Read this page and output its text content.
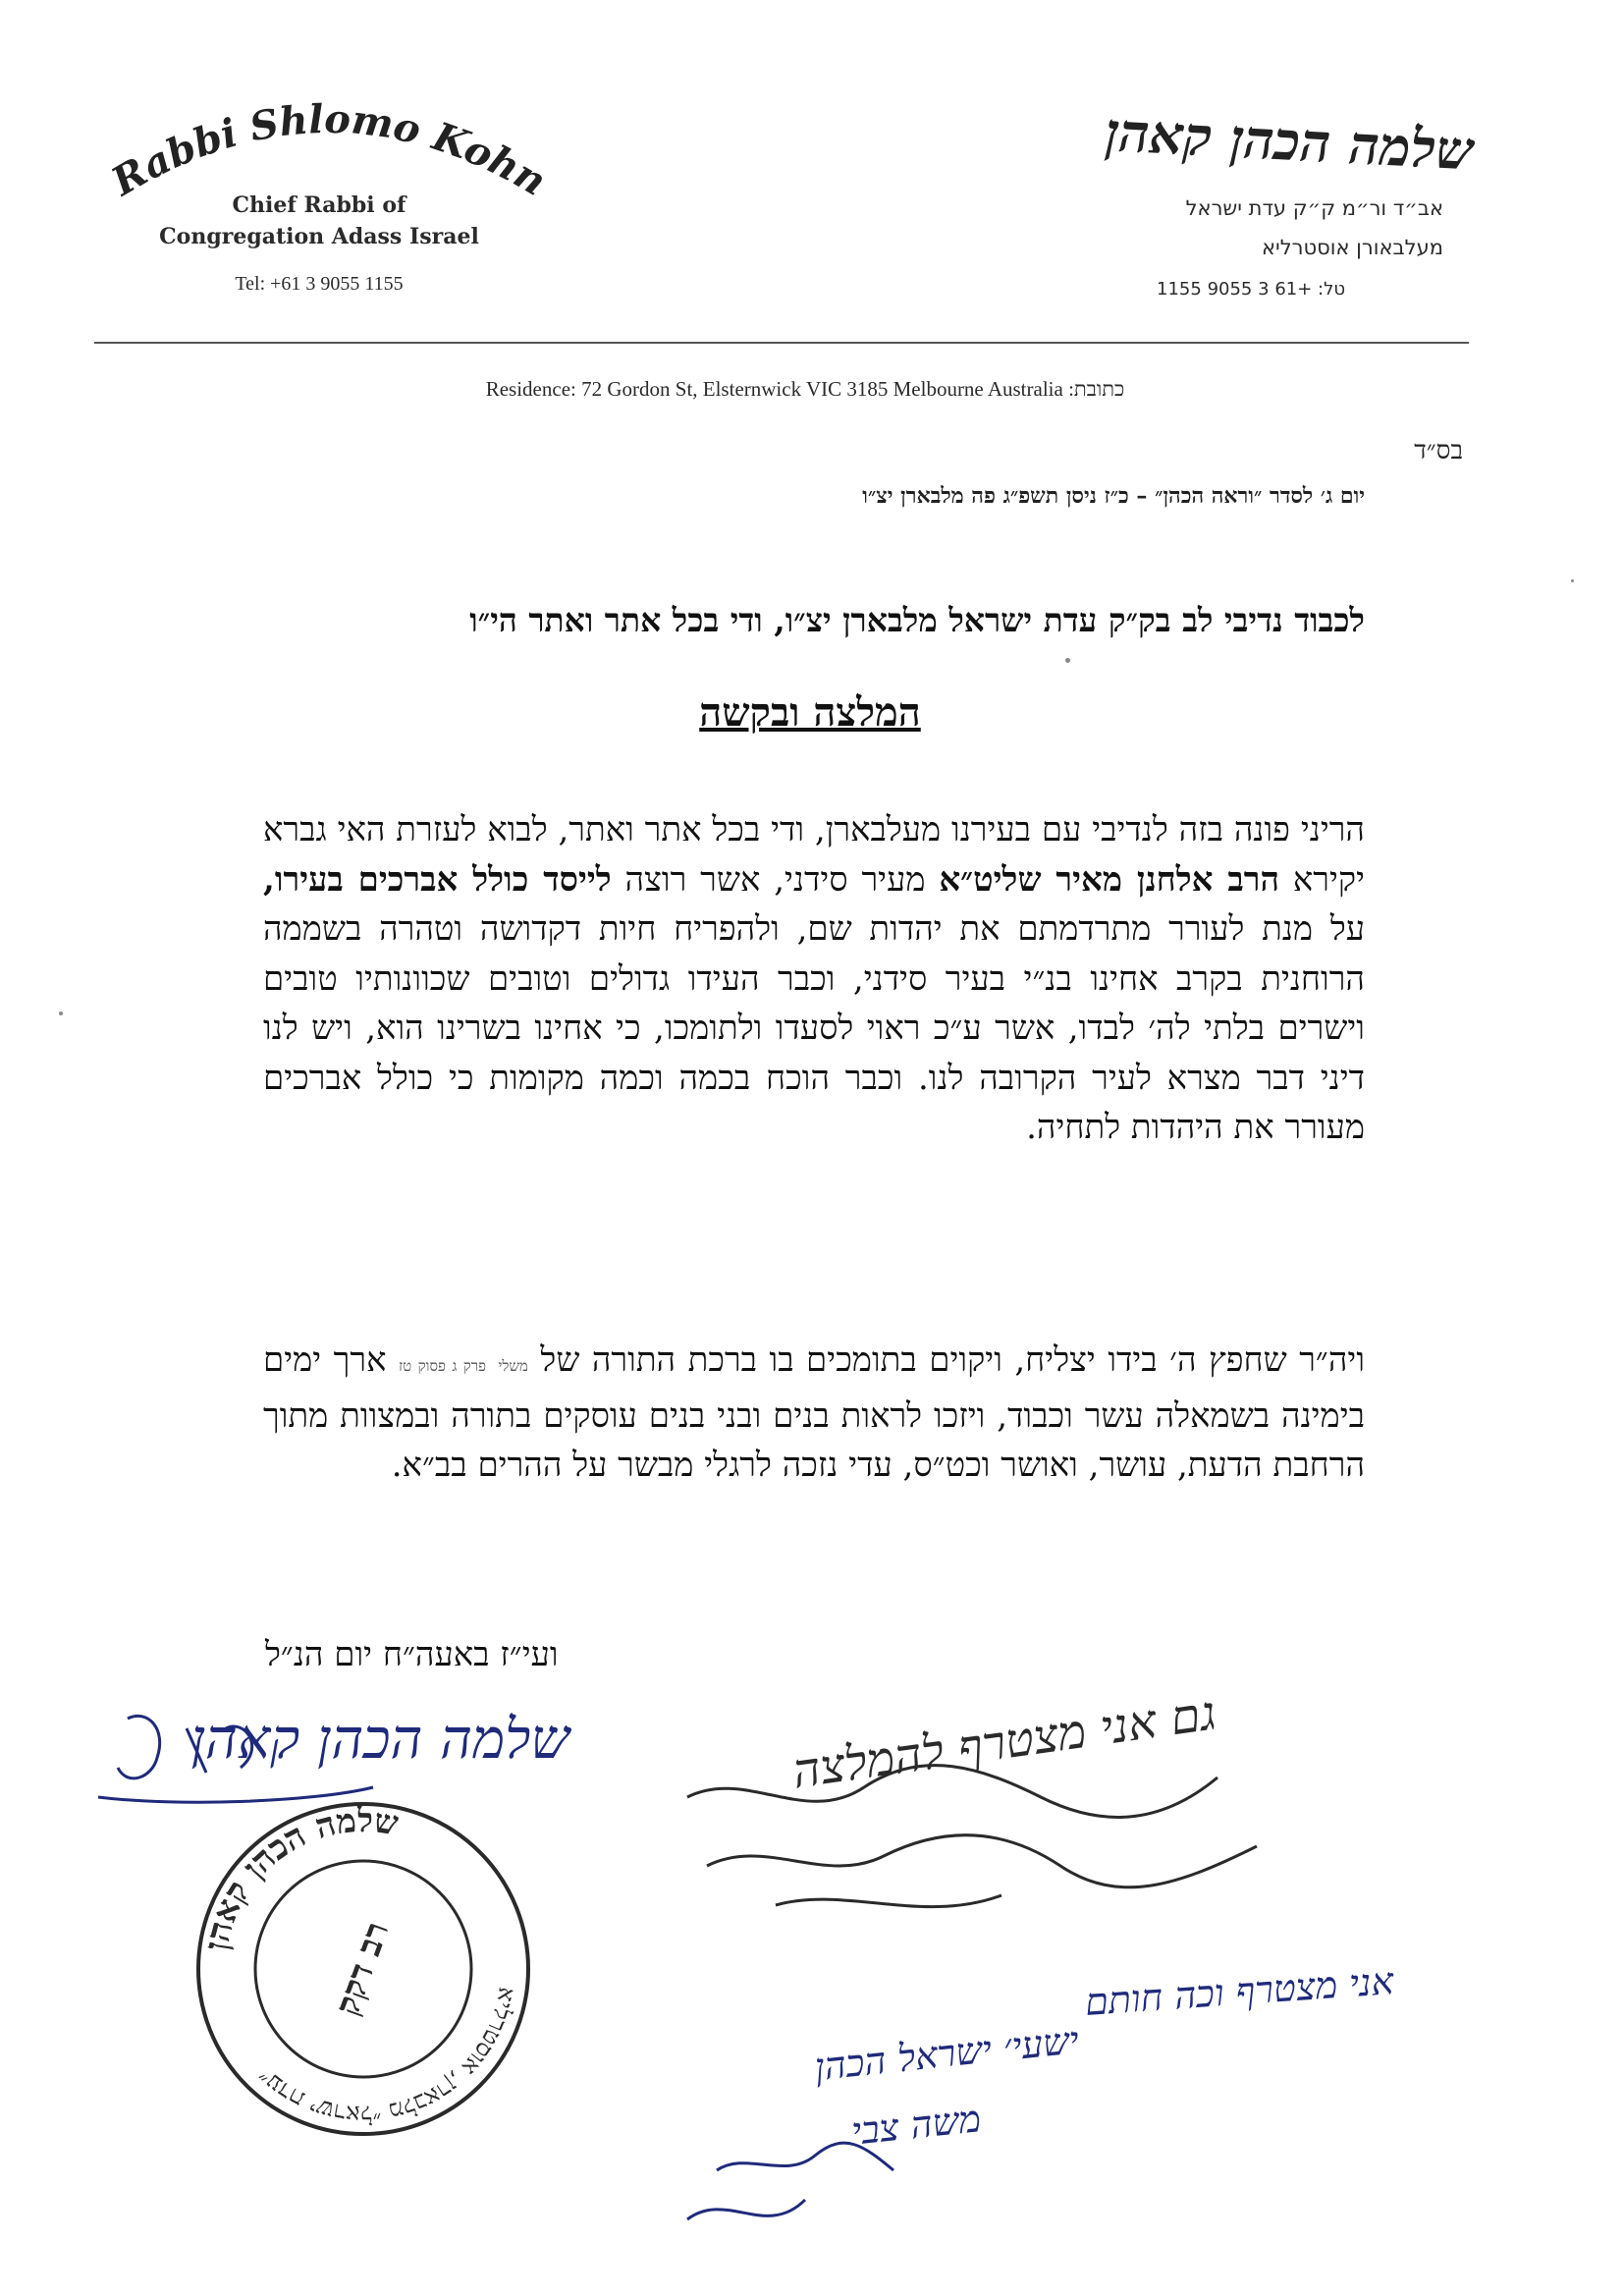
Rabbi Shlomo Kohn
Chief Rabbi of
Congregation Adass Israel
Tel: +61 3 9055 1155
שלמה הכהן קאהן
אב״ד ור״מ ק״ק עדת ישראל
מעלבאורן אוסטרליא
טל: +61 3 9055 1155
Residence: 72 Gordon St, Elsternwick VIC 3185 Melbourne Australia :כתובת
בס״ד
יום ג׳ לסדר ״וראה הכהן״ – כ״ז ניסן תשפ״ג פה מלבארן יצ״ו
לכבוד נדיבי לב בק״ק עדת ישראל מלבארן יצ״ו, ודי בכל אתר ואתר הי״ו
המלצה ובקשה
הריני פונה בזה לנדיבי עם בעירנו מעלבארן, ודי בכל אתר ואתר, לבוא לעזרת האי גברא יקירא הרב אלחנן מאיר שליט״א מעיר סידני, אשר רוצה לייסד כולל אברכים בעירו, על מנת לעורר מתרדמתם את יהדות שם, ולהפריח חיות דקדושה וטהרה בשממה הרוחנית בקרב אחינו בנ״י בעיר סידני, וכבר העידו גדולים וטובים שכוונותיו טובים וישרים בלתי לה׳ לבדו, אשר ע״כ ראוי לסעדו ולתומכו, כי אחינו בשרינו הוא, ויש לנו דיני דבר מצרא לעיר הקרובה לנו. וכבר הוכח בכמה וכמה מקומות כי כולל אברכים מעורר את היהדות לתחיה.
ויה״ר שחפץ ה׳ בידו יצליח, ויקוים בתומכים בו ברכת התורה של משלי פרק ג פסוק טז ארך ימים בימינה בשמאלה עשר וכבוד, ויזכו לראות בנים ובני בנים עוסקים בתורה ובמצוות מתוך הרחבת הדעת, עושר, ואושר וכט״ס, עדי נזכה לרגלי מבשר על ההרים בב״א.
ועי״ז באעה״ח יום הנ״ל
שלמה הכהן קאהן
שלמה הכהן קאהן
״עדת ישראל״ מלבארן, אוסטרליא
רב דקק
גם אני מצטרף להמלצה
אני מצטרף וכה חותם
ישעי׳ ישראל הכהן
משה צבי
